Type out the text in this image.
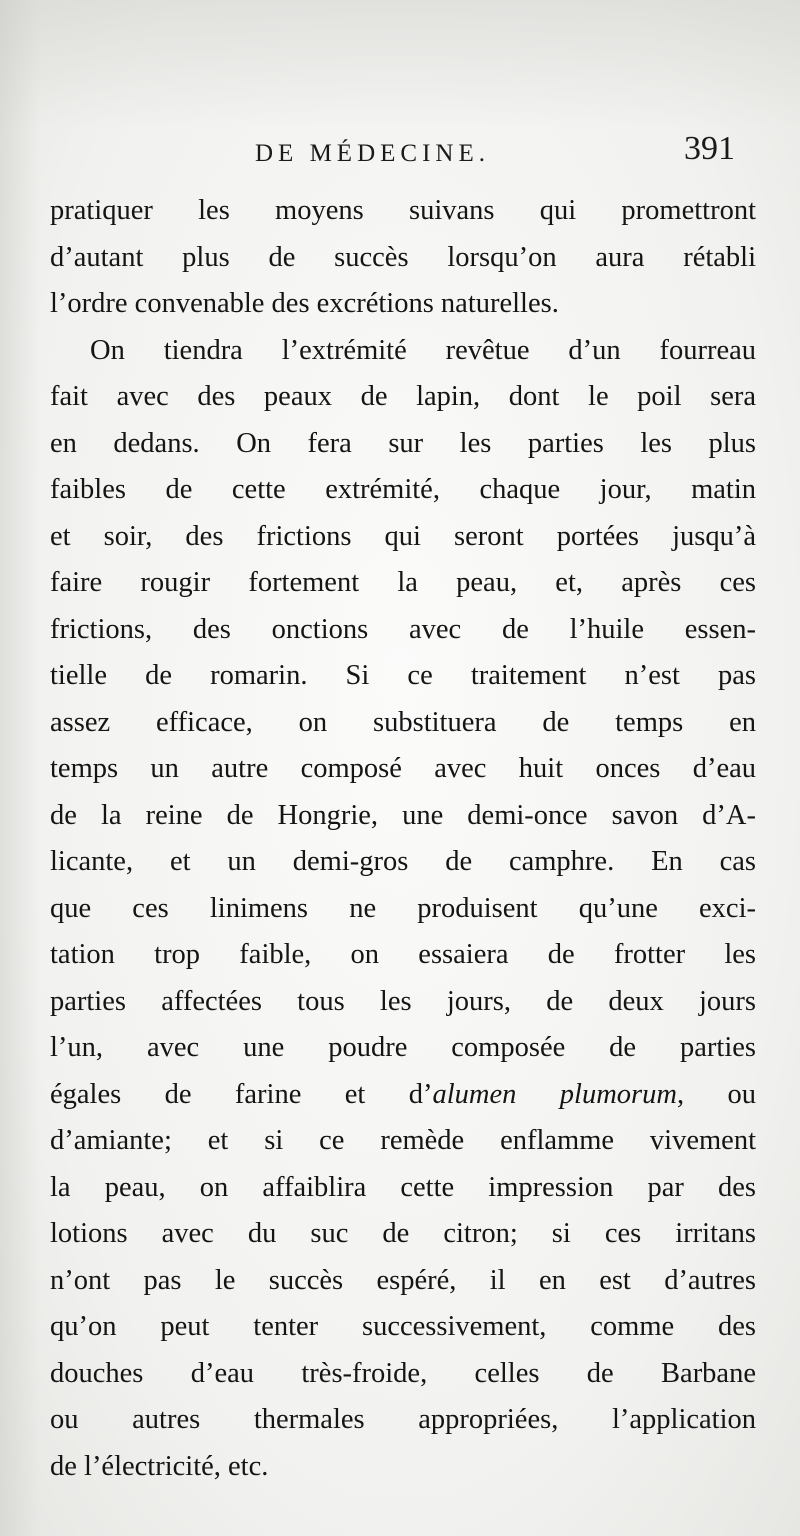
DE MÉDECINE.	391
pratiquer les moyens suivans qui promettront
d’autant plus de succès lorsqu’on aura rétabli
l’ordre convenable des excrétions naturelles.
On tiendra l’extrémité revêtue d’un fourreau
fait avec des peaux de lapin, dont le poil sera
en dedans. On fera sur les parties les plus
faibles de cette extrémité, chaque jour, matin
et soir, des frictions qui seront portées jusqu’à
faire rougir fortement la peau, et, après ces
frictions, des onctions avec de l’huile essen-
tielle de romarin. Si ce traitement n’est pas
assez efficace, on substituera de temps en
temps un autre composé avec huit onces d’eau
de la reine de Hongrie, une demi-once savon d’A-
licante, et un demi-gros de camphre. En cas
que ces linimens ne produisent qu’une exci-
tation trop faible, on essaiera de frotter les
parties affectées tous les jours, de deux jours
l’un, avec une poudre composée de parties
égales de farine et d’alumen plumorum, ou
d’amiante; et si ce remède enflamme vivement
la peau, on affaiblira cette impression par des
lotions avec du suc de citron; si ces irritans
n’ont pas le succès espéré, il en est d’autres
qu’on peut tenter successivement, comme des
douches d’eau très-froide, celles de Barbane
ou autres thermales appropriées, l’application
de l’électricité, etc.
